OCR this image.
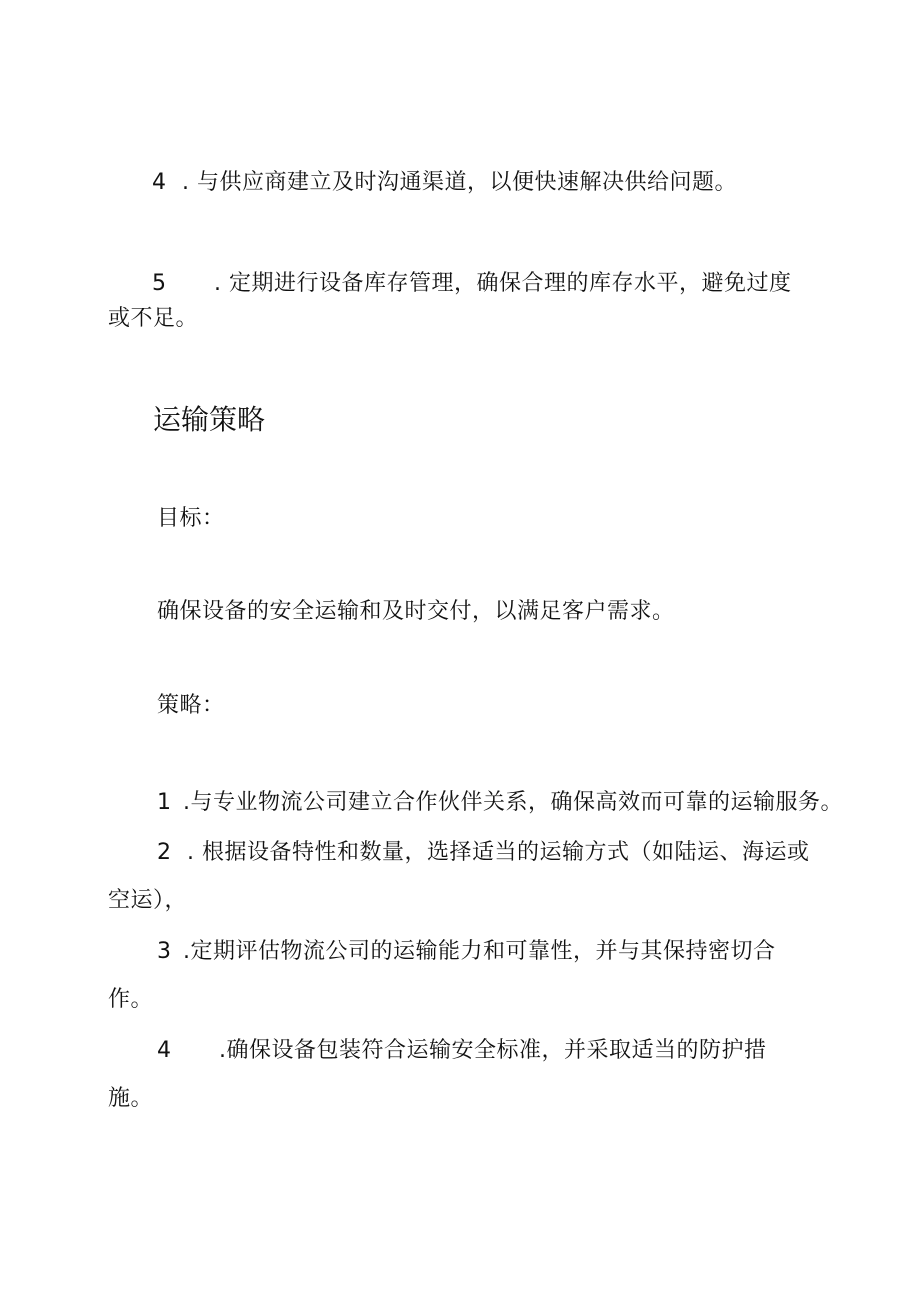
4 . 与供应商建立及时沟通渠道，以便快速解决供给问题。
5 . 定期进行设备库存管理，确保合理的库存水平，避免过度
或不足。
运输策略
目标：
确保设备的安全运输和及时交付，以满足客户需求。
策略：
1 .与专业物流公司建立合作伙伴关系，确保高效而可靠的运输服务。
2 . 根据设备特性和数量，选择适当的运输方式（如陆运、海运或
空运），
3 .定期评估物流公司的运输能力和可靠性，并与其保持密切合
作。
4 .确保设备包装符合运输安全标准，并采取适当的防护措
施。
